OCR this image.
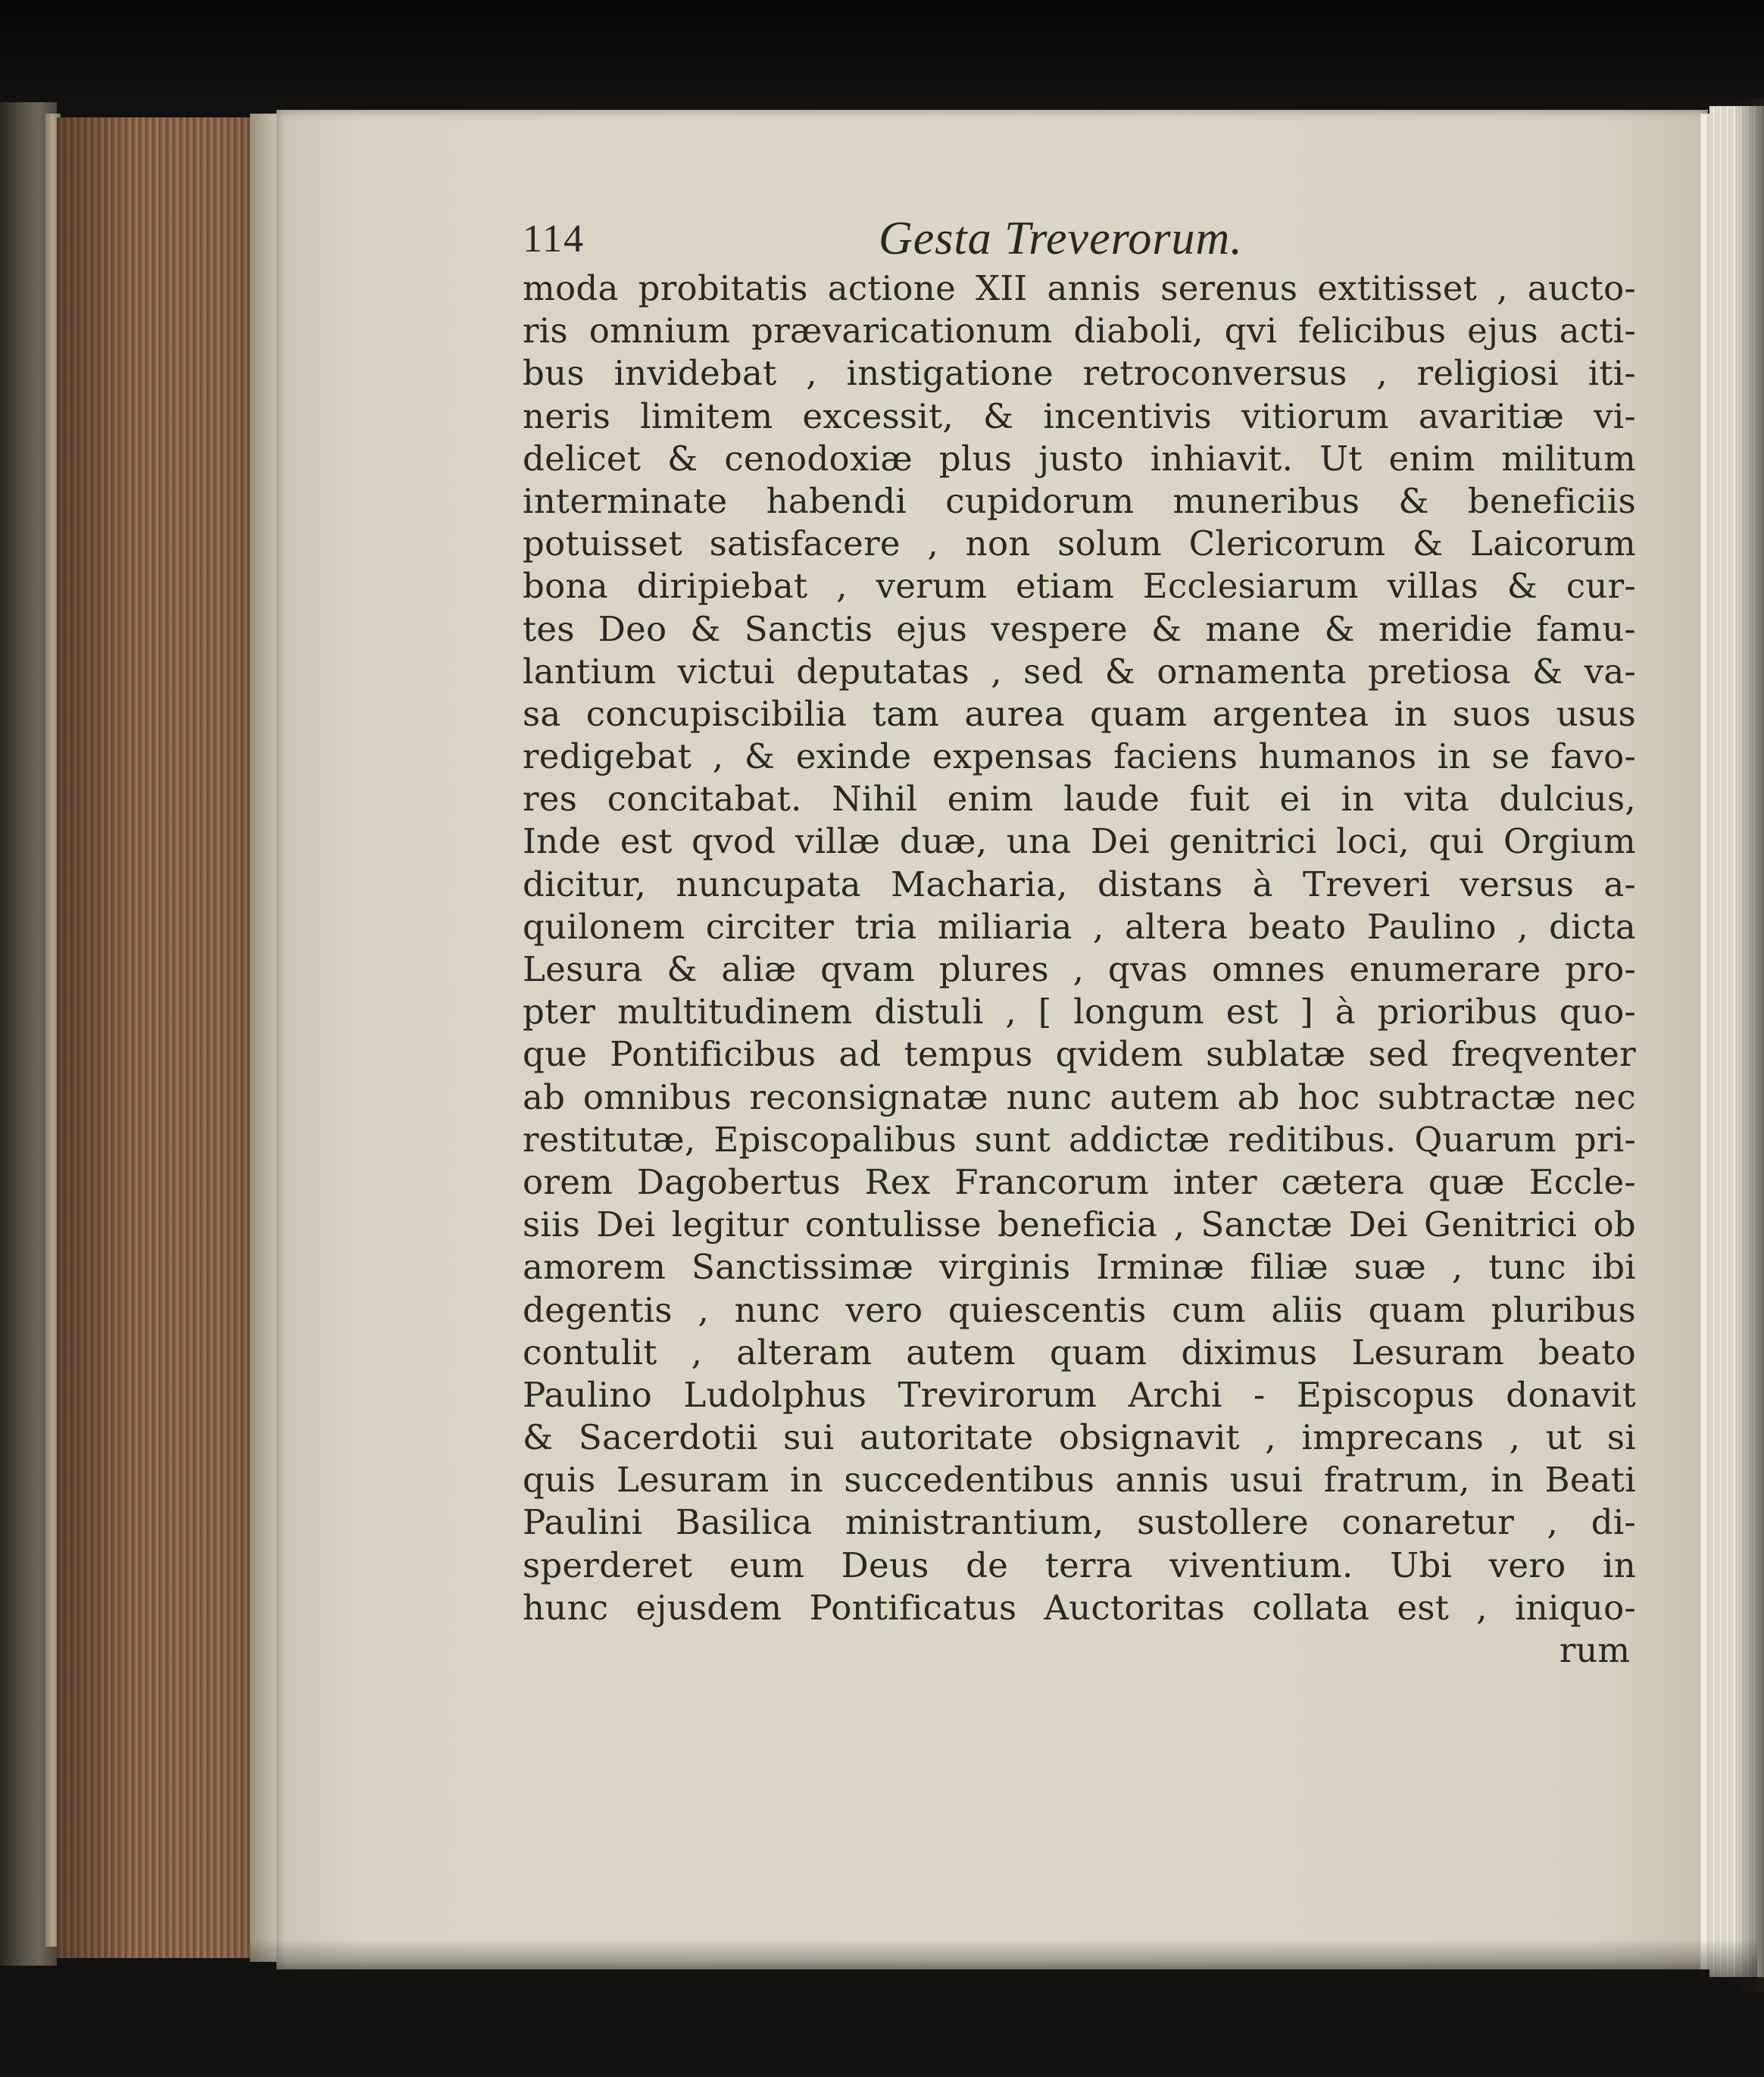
114	Gesta Treverorum.
moda probitatis actione XII annis serenus extitisset , aucto-
ris omnium prævaricationum diaboli, qvi felicibus ejus acti-
bus invidebat , instigatione retroconversus , religiosi iti-
neris limitem excessit, & incentivis vitiorum avaritiæ vi-
delicet & cenodoxiæ plus justo inhiavit. Ut enim militum
interminate habendi cupidorum muneribus & beneficiis
potuisset satisfacere , non solum Clericorum & Laicorum
bona diripiebat , verum etiam Ecclesiarum villas & cur-
tes Deo & Sanctis ejus vespere & mane & meridie famu-
lantium victui deputatas , sed & ornamenta pretiosa & va-
sa concupiscibilia tam aurea quam argentea in suos usus
redigebat , & exinde expensas faciens humanos in se favo-
res concitabat. Nihil enim laude fuit ei in vita dulcius,
Inde est qvod villæ duæ, una Dei genitrici loci, qui Orgium
dicitur, nuncupata Macharia, distans à Treveri versus a-
quilonem circiter tria miliaria , altera beato Paulino , dicta
Lesura & aliæ qvam plures , qvas omnes enumerare pro-
pter multitudinem distuli , [ longum est ] à prioribus quo-
que Pontificibus ad tempus qvidem sublatæ sed freqventer
ab omnibus reconsignatæ nunc autem ab hoc subtractæ nec
restitutæ, Episcopalibus sunt addictæ reditibus. Quarum pri-
orem Dagobertus Rex Francorum inter cætera quæ Eccle-
siis Dei legitur contulisse beneficia , Sanctæ Dei Genitrici ob
amorem Sanctissimæ virginis Irminæ filiæ suæ , tunc ibi
degentis , nunc vero quiescentis cum aliis quam pluribus
contulit , alteram autem quam diximus Lesuram beato
Paulino Ludolphus Trevirorum Archi - Episcopus donavit
& Sacerdotii sui autoritate obsignavit , imprecans , ut si
quis Lesuram in succedentibus annis usui fratrum, in Beati
Paulini Basilica ministrantium, sustollere conaretur , di-
sperderet eum Deus de terra viventium. Ubi vero in
hunc ejusdem Pontificatus Auctoritas collata est , iniquo-
rum
